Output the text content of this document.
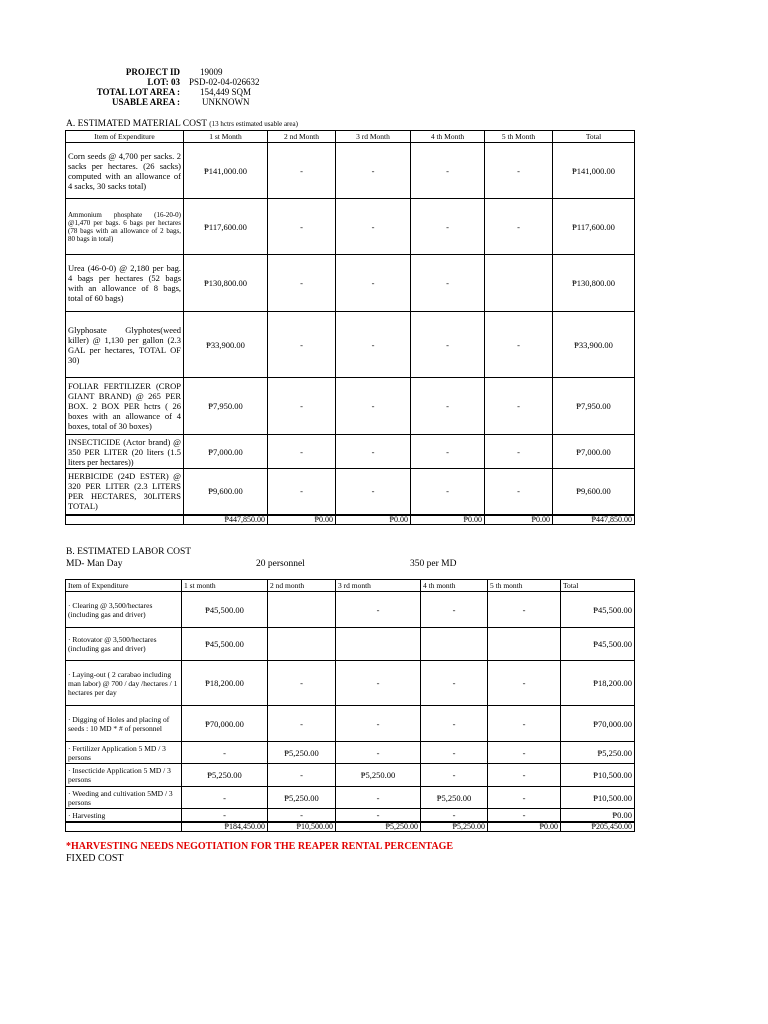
PROJECT ID 19009
LOT: 03 PSD-02-04-026632
TOTAL LOT AREA : 154,449 SQM
USABLE AREA : UNKNOWN
A. ESTIMATED MATERIAL COST (13 hctrs estimated usable area)
Item of Expenditure	1 st Month	2 nd Month	3 rd Month	4 th Month	5 th Month	Total
Corn seeds @ 4,700 per sacks. 2 sacks per hectares. (26 sacks) computed with an allowance of 4 sacks, 30 sacks total)	₱141,000.00	-	-	-	-	₱141,000.00
Ammonium phosphate (16-20-0) @1,470 per bags. 6 bags per hectares (78 bags with an allowance of 2 bags, 80 bags in total)	₱117,600.00	-	-	-	-	₱117,600.00
Urea (46-0-0) @ 2,180 per bag. 4 bags per hectares (52 bags with an allowance of 8 bags, total of 60 bags)	₱130,800.00	-	-	-		₱130,800.00
Glyphosate Glyphotes(weed killer) @ 1,130 per gallon (2.3 GAL per hectares, TOTAL OF 30)	₱33,900.00	-	-	-	-	₱33,900.00
FOLIAR FERTILIZER (CROP GIANT BRAND) @ 265 PER BOX. 2 BOX PER hctrs ( 26 boxes with an allowance of 4 boxes, total of 30 boxes)	₱7,950.00	-	-	-	-	₱7,950.00
INSECTICIDE (Actor brand) @ 350 PER LITER (20 liters (1.5 liters per hectares))	₱7,000.00	-	-	-	-	₱7,000.00
HERBICIDE (24D ESTER) @ 320 PER LITER (2.3 LITERS PER HECTARES, 30LITERS TOTAL)	₱9,600.00	-	-	-	-	₱9,600.00
	₱447,850.00	₱0.00	₱0.00	₱0.00	₱0.00	₱447,850.00
B. ESTIMATED LABOR COST
MD- Man Day	20 personnel	350 per MD
Item of Expenditure	1 st month	2 nd month	3 rd month	4 th month	5 th month	Total
· Clearing @ 3,500/hectares (including gas and driver)	₱45,500.00		-	-	-	₱45,500.00
· Rotovator @ 3,500/hectares (including gas and driver)	₱45,500.00					₱45,500.00
· Laying-out ( 2 carabao including man labor) @ 700 / day /hectares / 1 hectares per day	₱18,200.00	-	-	-	-	₱18,200.00
· Digging of Holes and placing of seeds : 10 MD * # of personnel	₱70,000.00	-	-	-	-	₱70,000.00
· Fertilizer Application 5 MD / 3 persons	-	₱5,250.00	-	-	-	₱5,250.00
· Insecticide Application 5 MD / 3 persons	₱5,250.00	-	₱5,250.00	-	-	₱10,500.00
· Weeding and cultivation 5MD / 3 persons	-	₱5,250.00	-	₱5,250.00	-	₱10,500.00
· Harvesting	-	-	-	-	-	₱0.00
	₱184,450.00	₱10,500.00	₱5,250.00	₱5,250.00	₱0.00	₱205,450.00
*HARVESTING NEEDS NEGOTIATION FOR THE REAPER RENTAL PERCENTAGE
FIXED COST
